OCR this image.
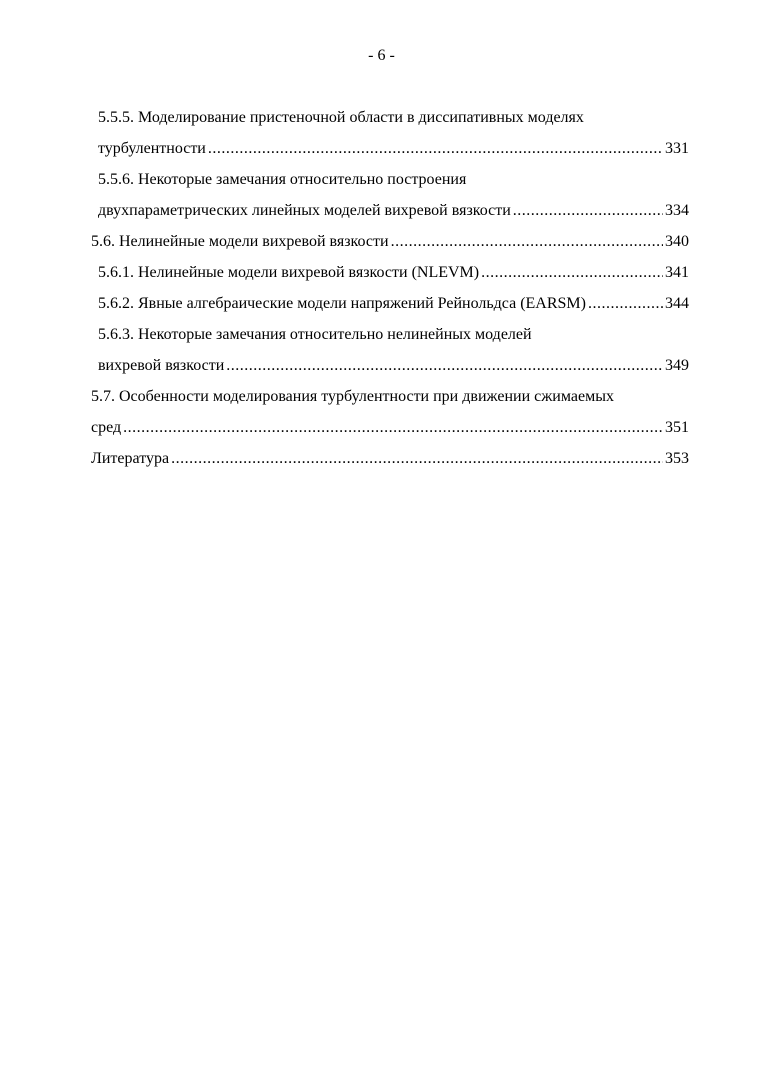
- 6 -
5.5.5. Моделирование пристеночной области в диссипативных моделях
турбулентности .....	331
5.5.6. Некоторые замечания относительно построения
двухпараметрических линейных моделей вихревой вязкости .....	334
5.6. Нелинейные модели вихревой вязкости .....	340
5.6.1. Нелинейные модели вихревой вязкости (NLEVM) .....	341
5.6.2. Явные алгебраические модели напряжений Рейнольдса (EARSM) .....	344
5.6.3. Некоторые замечания относительно нелинейных моделей
вихревой вязкости .....	349
5.7. Особенности моделирования турбулентности при движении сжимаемых
сред .....	351
Литература .....	353
